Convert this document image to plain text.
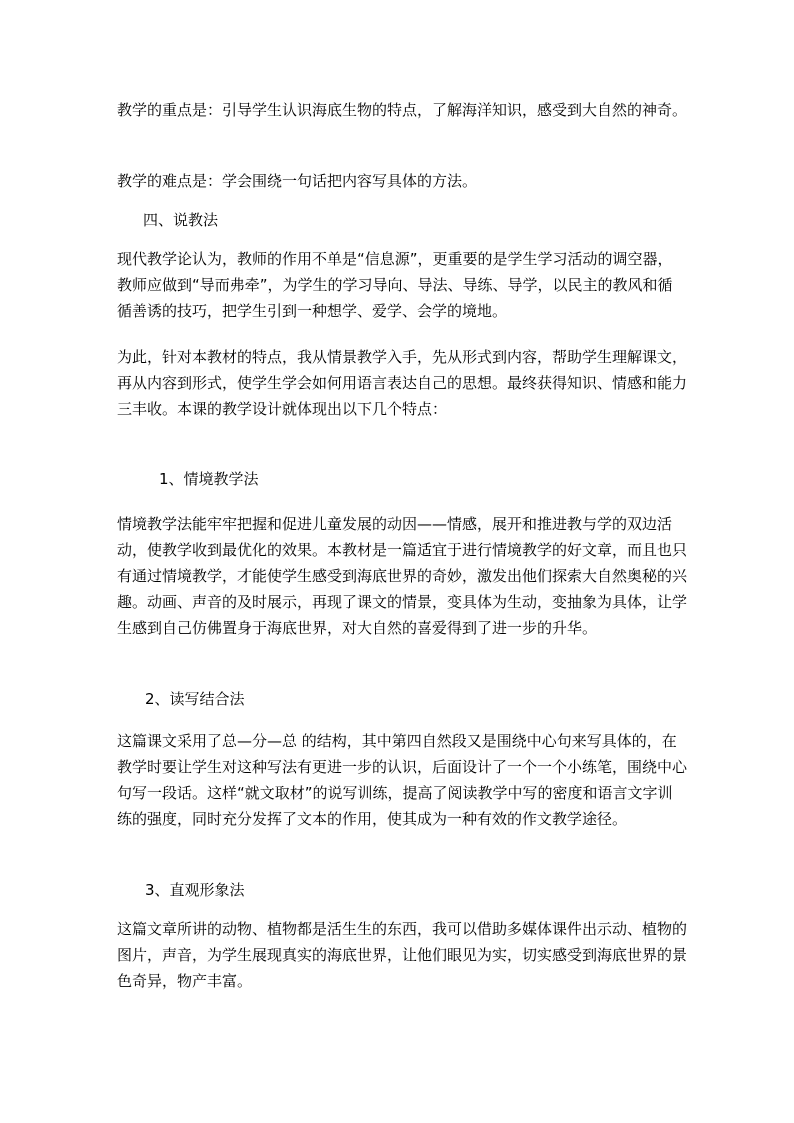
教学的重点是：引导学生认识海底生物的特点，了解海洋知识，感受到大自然的神奇。

教学的难点是：学会围绕一句话把内容写具体的方法。

四、说教法

现代教学论认为，教师的作用不单是“信息源”，更重要的是学生学习活动的调空器，教师应做到“导而弗牵”，为学生的学习导向、导法、导练、导学，以民主的教风和循循善诱的技巧，把学生引到一种想学、爱学、会学的境地。

为此，针对本教材的特点，我从情景教学入手，先从形式到内容，帮助学生理解课文，再从内容到形式，使学生学会如何用语言表达自己的思想。最终获得知识、情感和能力三丰收。本课的教学设计就体现出以下几个特点：

1、情境教学法

情境教学法能牢牢把握和促进儿童发展的动因——情感，展开和推进教与学的双边活动，使教学收到最优化的效果。本教材是一篇适宜于进行情境教学的好文章，而且也只有通过情境教学，才能使学生感受到海底世界的奇妙，激发出他们探索大自然奥秘的兴趣。动画、声音的及时展示，再现了课文的情景，变具体为生动，变抽象为具体，让学生感到自己仿佛置身于海底世界，对大自然的喜爱得到了进一步的升华。

2、读写结合法

这篇课文采用了总—分—总 的结构，其中第四自然段又是围绕中心句来写具体的，在教学时要让学生对这种写法有更进一步的认识，后面设计了一个一个小练笔，围绕中心句写一段话。这样“就文取材”的说写训练，提高了阅读教学中写的密度和语言文字训练的强度，同时充分发挥了文本的作用，使其成为一种有效的作文教学途径。

3、直观形象法

这篇文章所讲的动物、植物都是活生生的东西，我可以借助多媒体课件出示动、植物的图片，声音，为学生展现真实的海底世界，让他们眼见为实，切实感受到海底世界的景色奇异，物产丰富。
